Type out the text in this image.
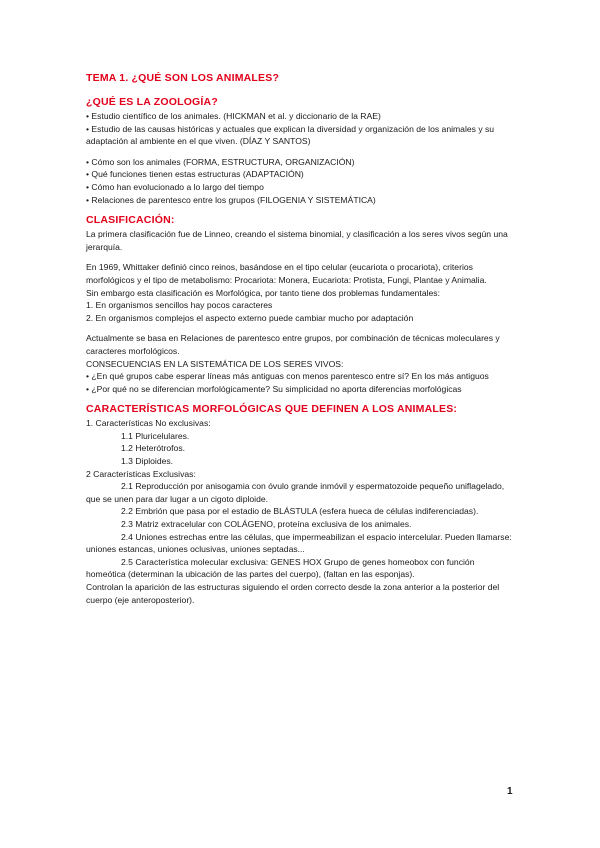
TEMA 1. ¿QUÉ SON LOS ANIMALES?
¿QUÉ ES LA ZOOLOGÍA?

• Estudio científico de los animales. (HICKMAN et al. y diccionario de la RAE)

• Estudio de las causas históricas y actuales que explican la diversidad y organización de los animales y su adaptación al ambiente en el que viven. (DÍAZ Y SANTOS)

• Cómo son los animales (FORMA, ESTRUCTURA, ORGANIZACIÓN)

• Qué funciones tienen estas estructuras (ADAPTACIÓN)

• Cómo han evolucionado a lo largo del tiempo

• Relaciones de parentesco entre los grupos (FILOGENIA Y SISTEMÁTICA)

CLASIFICACIÓN:

La primera clasificación fue de Linneo, creando el sistema binomial, y clasificación a los seres vivos según una jerarquía.

En 1969, Whittaker definió cinco reinos, basándose en el tipo celular (eucariota o procariota), criterios morfológicos y el tipo de metabolismo: Procariota: Monera, Eucariota: Protista, Fungi, Plantae y Animalia.

Sin embargo esta clasificación es Morfológica, por tanto tiene dos problemas fundamentales:

1. En organismos sencillos hay pocos caracteres

2. En organismos complejos el aspecto externo puede cambiar mucho por adaptación

Actualmente se basa en Relaciones de parentesco entre grupos, por combinación de técnicas moleculares y caracteres morfológicos.

CONSECUENCIAS EN LA SISTEMÁTICA DE LOS SERES VIVOS:

• ¿En qué grupos cabe esperar líneas más antiguas con menos parentesco entre sí? En los más antiguos

• ¿Por qué no se diferencian morfológicamente? Su simplicidad no aporta diferencias morfológicas

CARACTERÍSTICAS MORFOLÓGICAS QUE DEFINEN A LOS ANIMALES:

1. Características No exclusivas:

1.1 Pluricelulares.

1.2 Heterótrofos.

1.3 Diploides.

2 Características Exclusivas:

2.1 Reproducción por anisogamia con óvulo grande inmóvil y espermatozoide pequeño uniflagelado, que se unen para dar lugar a un cigoto diploide.

2.2 Embrión que pasa por el estadio de BLÁSTULA (esfera hueca de células indiferenciadas).

2.3 Matriz extracelular con COLÁGENO, proteína exclusiva de los animales.

2.4 Uniones estrechas entre las células, que impermeabilizan el espacio intercelular. Pueden llamarse: uniones estancas, uniones oclusivas, uniones septadas...

2.5 Característica molecular exclusiva: GENES HOX Grupo de genes homeobox con función homeótica (determinan la ubicación de las partes del cuerpo), (faltan en las esponjas).

Controlan la aparición de las estructuras siguiendo el orden correcto desde la zona anterior a la posterior del cuerpo (eje anteroposterior).

1
